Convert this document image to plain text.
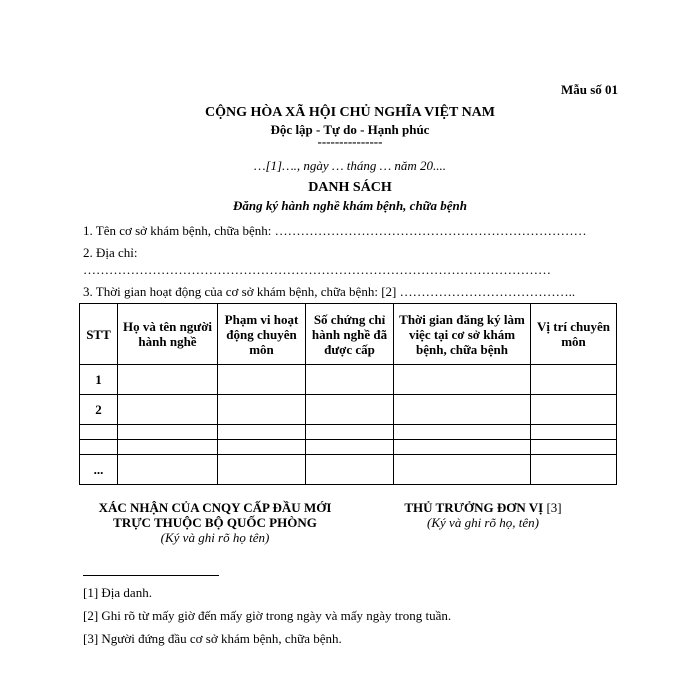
Mẫu số 01
CỘNG HÒA XÃ HỘI CHỦ NGHĨA VIỆT NAM
Độc lập - Tự do - Hạnh phúc
---------------
…[1]…., ngày … tháng … năm 20....
DANH SÁCH
Đăng ký hành nghề khám bệnh, chữa bệnh
1. Tên cơ sở khám bệnh, chữa bệnh: ………………………………………………………………
2. Địa chỉ:
………………………………………………………………………………………………
3. Thời gian hoạt động của cơ sở khám bệnh, chữa bệnh: [2] …………………………………..
STT	Họ và tên người hành nghề	Phạm vi hoạt động chuyên môn	Số chứng chỉ hành nghề đã được cấp	Thời gian đăng ký làm việc tại cơ sở khám bệnh, chữa bệnh	Vị trí chuyên môn
1					
2					

...					
XÁC NHẬN CỦA CNQY CẤP ĐẦU MỚI
TRỰC THUỘC BỘ QUỐC PHÒNG
(Ký và ghi rõ họ tên)
THỦ TRƯỞNG ĐƠN VỊ [3]
(Ký và ghi rõ họ, tên)
[1] Địa danh.
[2] Ghi rõ từ mấy giờ đến mấy giờ trong ngày và mấy ngày trong tuần.
[3] Người đứng đầu cơ sở khám bệnh, chữa bệnh.
